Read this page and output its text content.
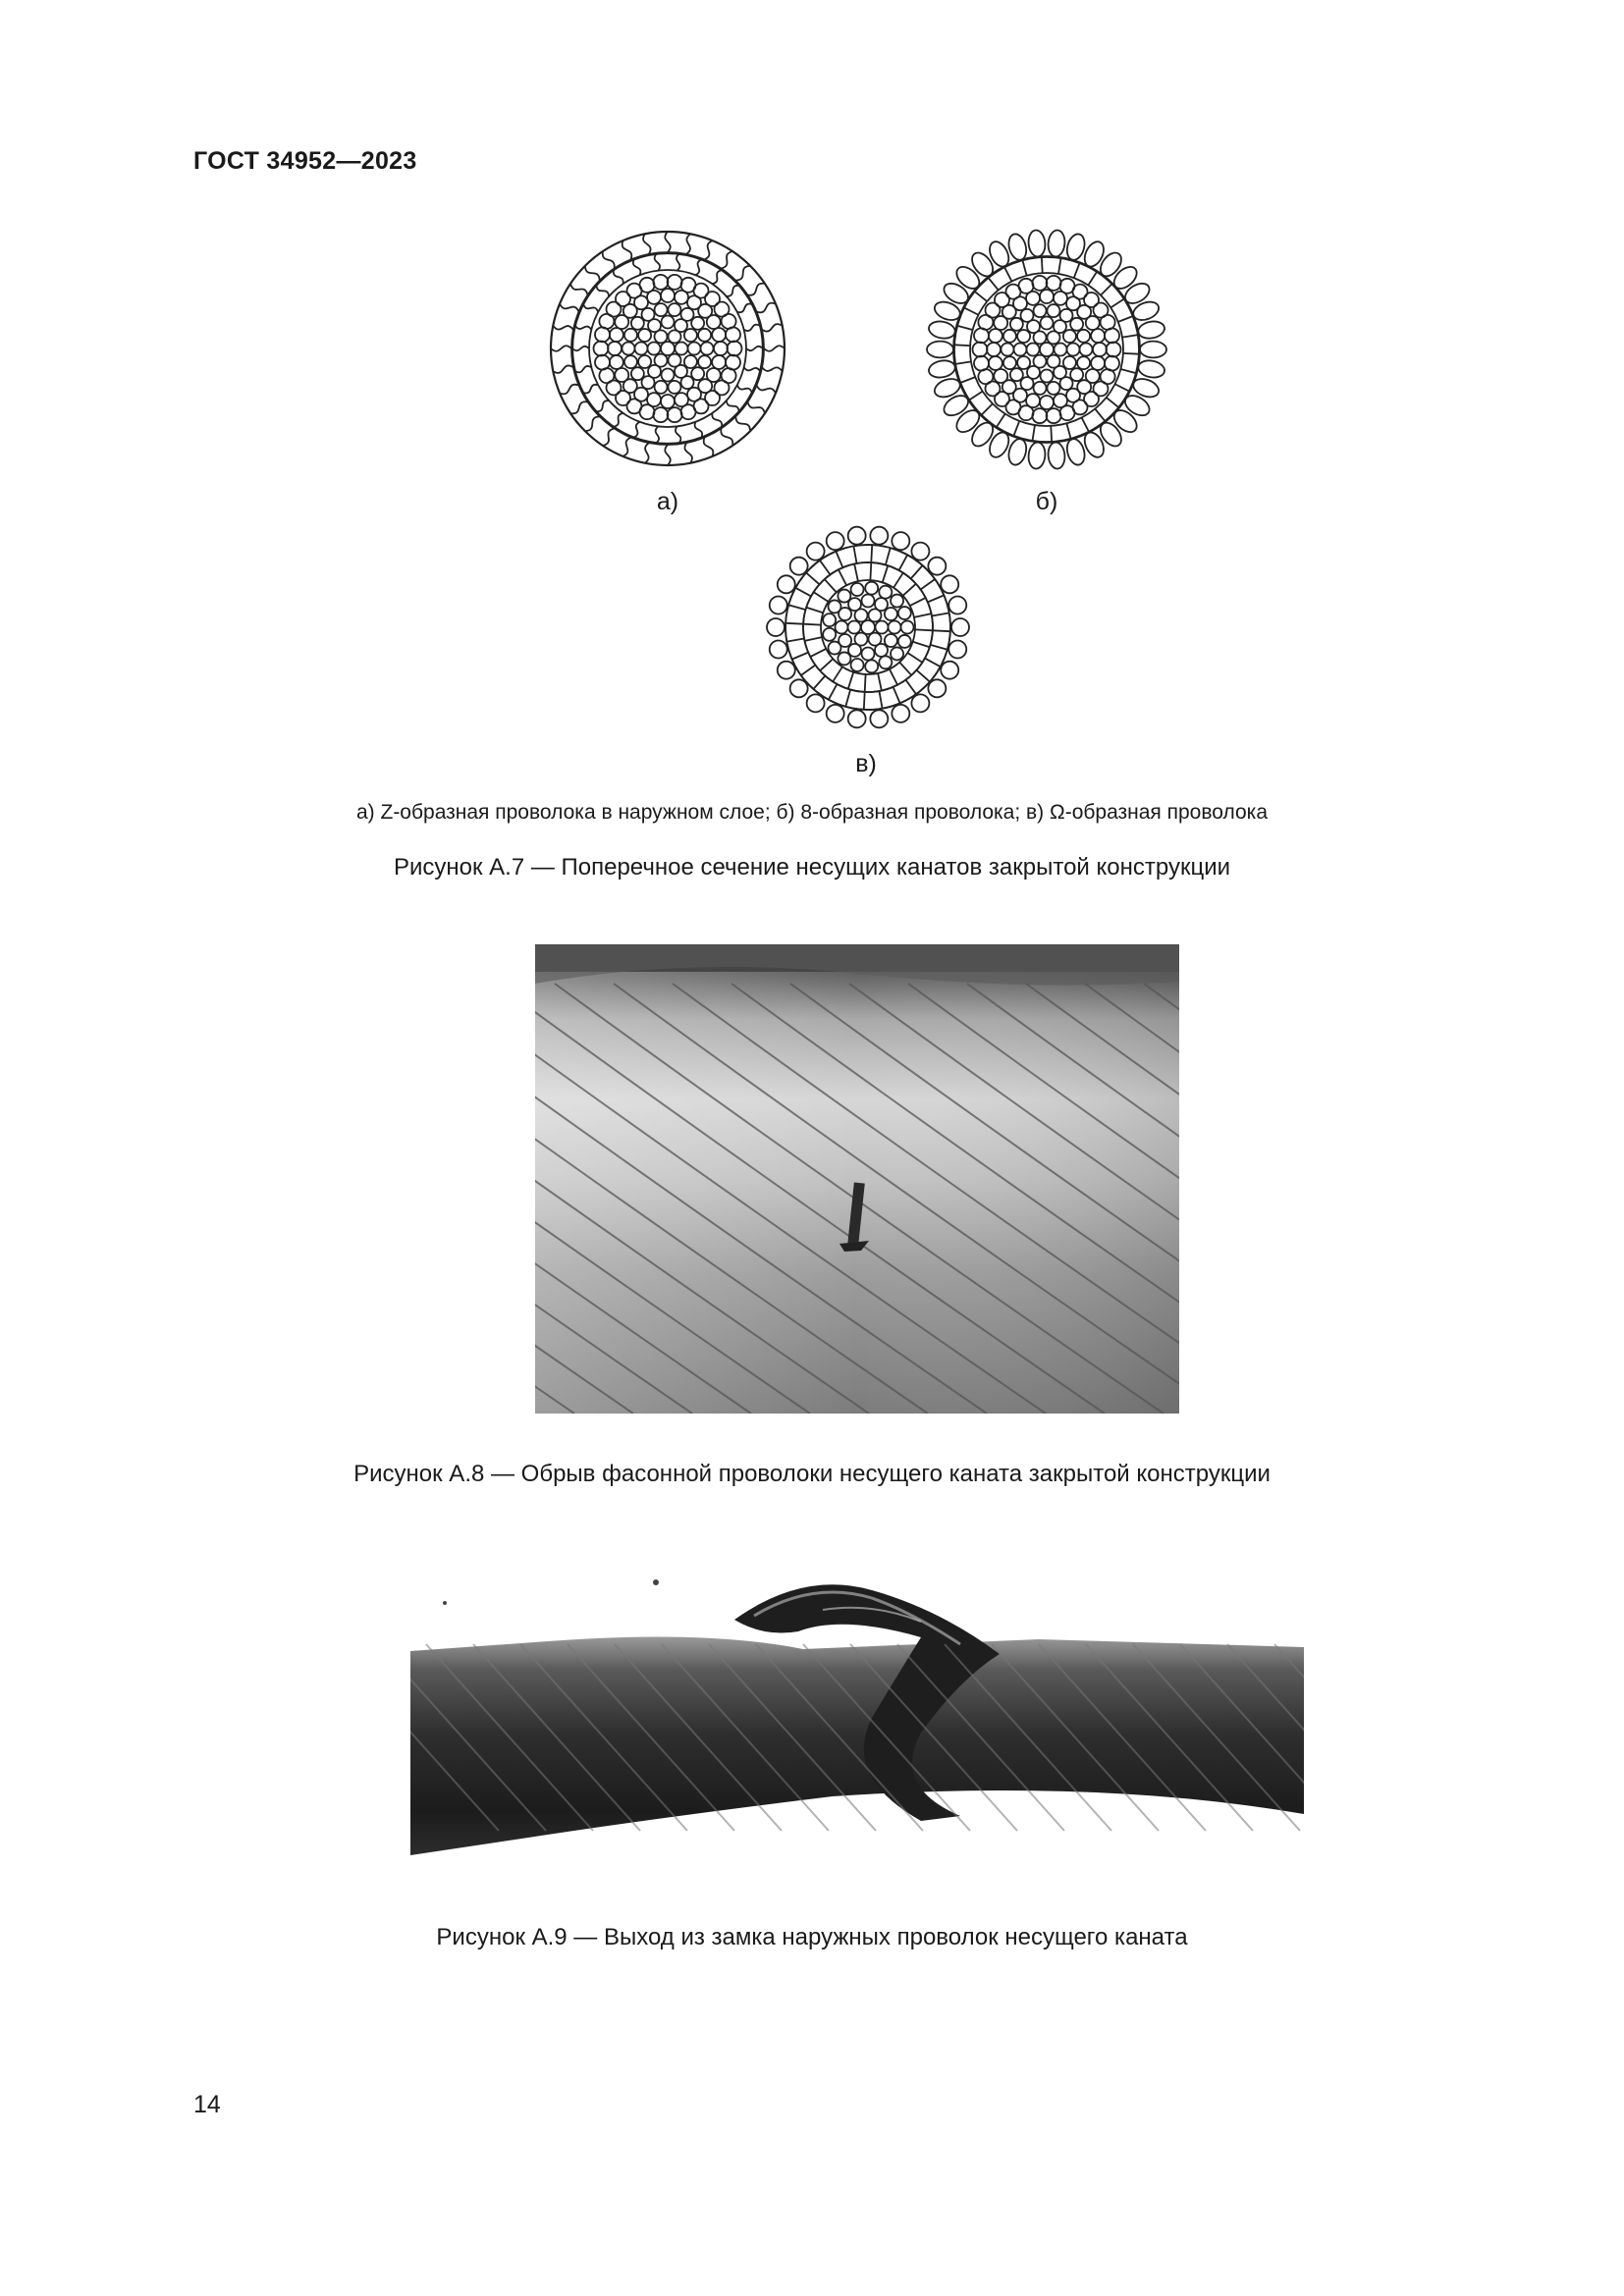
ГОСТ 34952—2023
а)	б)
в)
а) Z-образная проволока в наружном слое; б) 8-образная проволока; в) Ω-образная проволока
Рисунок А.7 — Поперечное сечение несущих канатов закрытой конструкции
Рисунок А.8 — Обрыв фасонной проволоки несущего каната закрытой конструкции
Рисунок А.9 — Выход из замка наружных проволок несущего каната
14
